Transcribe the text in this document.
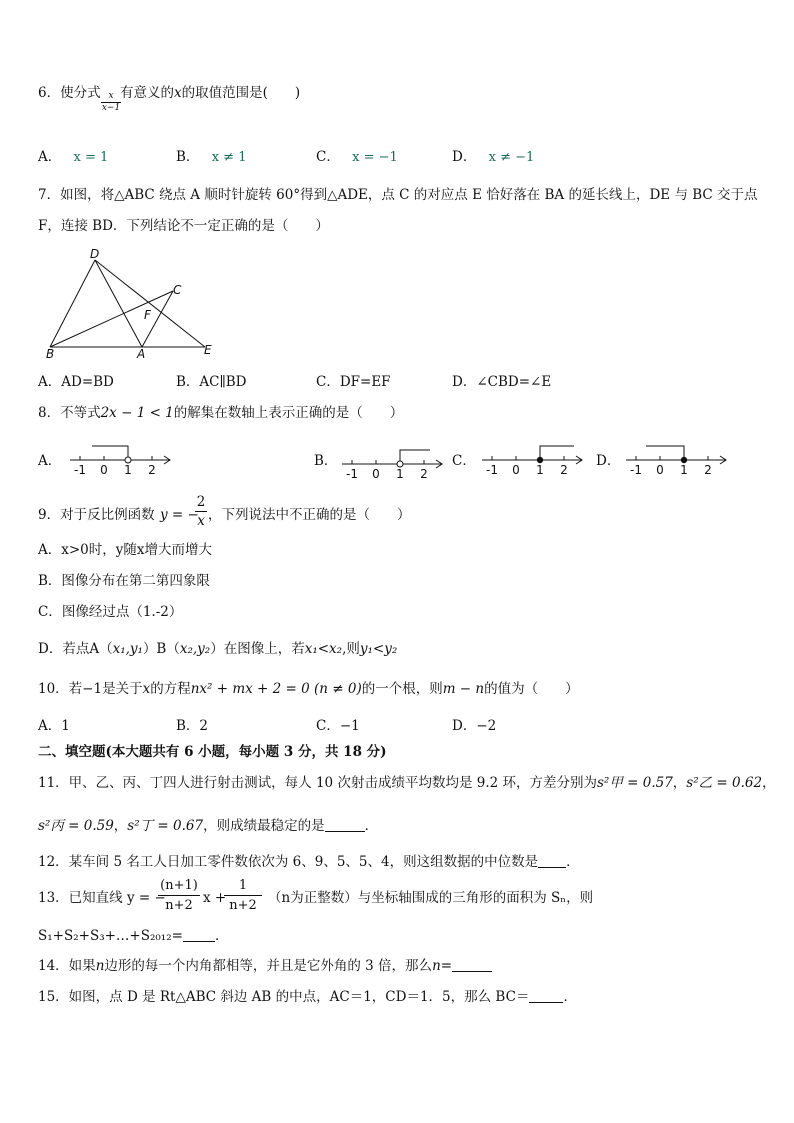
6．使分式 $\frac{x}{x-1}$ 有意义的x的取值范围是(　　)
A． x = 1	B． x ≠ 1	C． x = −1	D． x ≠ −1
7．如图，将△ABC 绕点 A 顺时针旋转 60°得到△ADE，点 C 的对应点 E 恰好落在 BA 的延长线上，DE 与 BC 交于点
F，连接 BD．下列结论不一定正确的是（　　）
D
C
F
B	A	E
A．AD=BD	B．AC∥BD	C．DF=EF	D．∠CBD=∠E
8．不等式2x − 1 < 1的解集在数轴上表示正确的是（　　）
A．
-1 0 1 2
B．
-1 0 1 2
C．
-1 0 1 2
D．
-1 0 1 2
9．对于反比例函数 y = −
$\frac{2}{x}$ ，下列说法中不正确的是（　　）
A．x>0时，y随x增大而增大
B．图像分布在第二第四象限
C．图像经过点（1.-2）
D．若点A（x₁,y₁）B（x₂,y₂）在图像上，若x₁<x₂,则y₁<y₂
10．若−1是关于x的方程nx² + mx + 2 = 0 (n ≠ 0)的一个根，则m − n的值为（　　）
A．1	B．2	C．−1	D．−2
二、填空题(本大题共有 6 小题，每小题 3 分，共 18 分)
11．甲、乙、丙、丁四人进行射击测试，每人 10 次射击成绩平均数均是 9.2 环，方差分别为s²甲 = 0.57，s²乙 = 0.62，
s²丙 = 0.59，s²丁 = 0.67，则成绩最稳定的是	．
12．某车间 5 名工人日加工零件数依次为 6、9、5、5、4，则这组数据的中位数是 ．
13．已知直线 y = −
$\frac{(n+1)}{n+2}$ x +
$\frac{1}{n+2} (n$为正整数）与坐标轴围成的三角形的面积为 Sₙ，则
S₁+S₂+S₃+…+S₂₀₁₂= ．
14．如果n边形的每一个内角都相等，并且是它外角的 3 倍，那么n=
15．如图，点 D 是 Rt△ABC 斜边 AB 的中点，AC＝1，CD＝1．5，那么 BC＝	．
